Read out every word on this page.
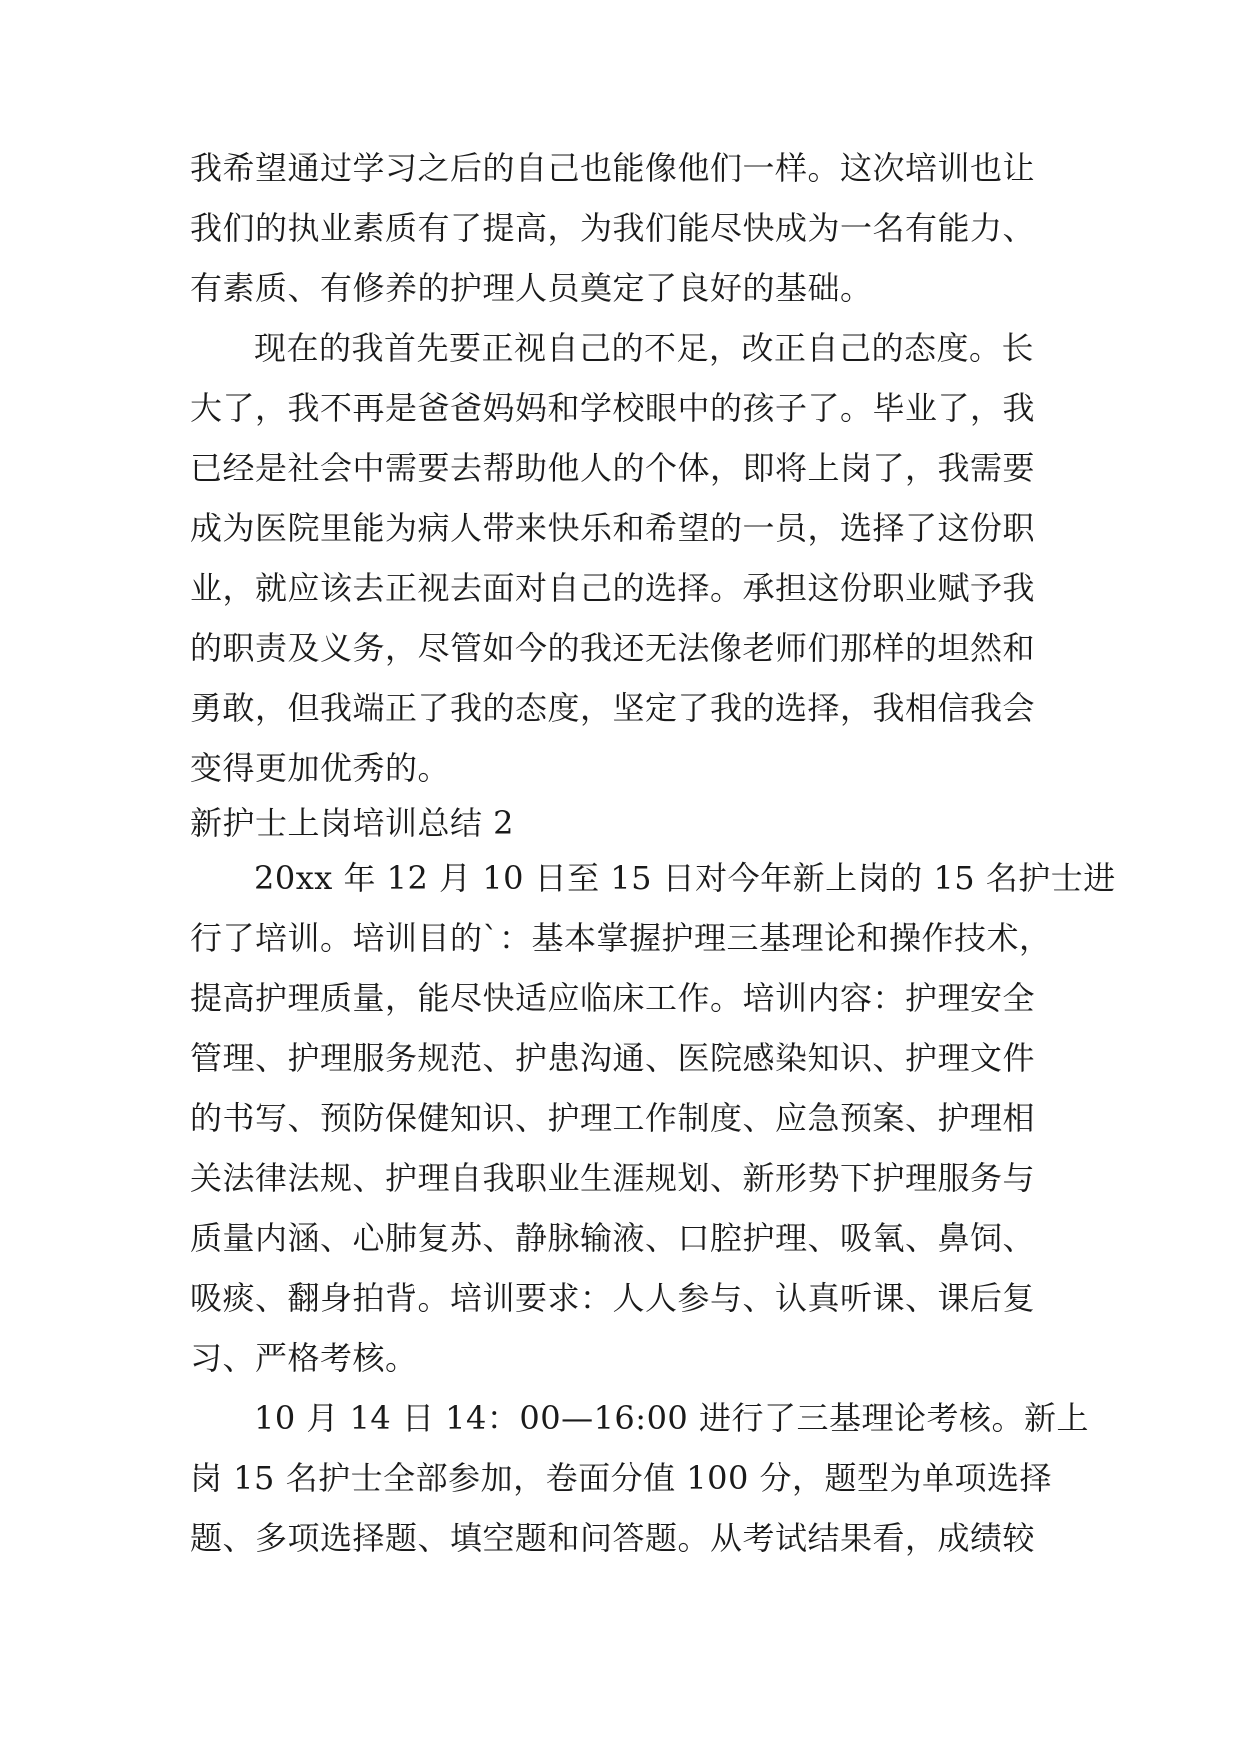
我希望通过学习之后的自己也能像他们一样。这次培训也让
我们的执业素质有了提高，为我们能尽快成为一名有能力、
有素质、有修养的护理人员奠定了良好的基础。
现在的我首先要正视自己的不足，改正自己的态度。长
大了，我不再是爸爸妈妈和学校眼中的孩子了。毕业了，我
已经是社会中需要去帮助他人的个体，即将上岗了，我需要
成为医院里能为病人带来快乐和希望的一员，选择了这份职
业，就应该去正视去面对自己的选择。承担这份职业赋予我
的职责及义务，尽管如今的我还无法像老师们那样的坦然和
勇敢，但我端正了我的态度，坚定了我的选择，我相信我会
变得更加优秀的。
新护士上岗培训总结 2
20xx 年 12 月 10 日至 15 日对今年新上岗的 15 名护士进
行了培训。培训目的`：基本掌握护理三基理论和操作技术，
提高护理质量，能尽快适应临床工作。培训内容：护理安全
管理、护理服务规范、护患沟通、医院感染知识、护理文件
的书写、预防保健知识、护理工作制度、应急预案、护理相
关法律法规、护理自我职业生涯规划、新形势下护理服务与
质量内涵、心肺复苏、静脉输液、口腔护理、吸氧、鼻饲、
吸痰、翻身拍背。培训要求：人人参与、认真听课、课后复
习、严格考核。
10 月 14 日 14：00—16:00 进行了三基理论考核。新上
岗 15 名护士全部参加，卷面分值 100 分，题型为单项选择
题、多项选择题、填空题和问答题。从考试结果看，成绩较
